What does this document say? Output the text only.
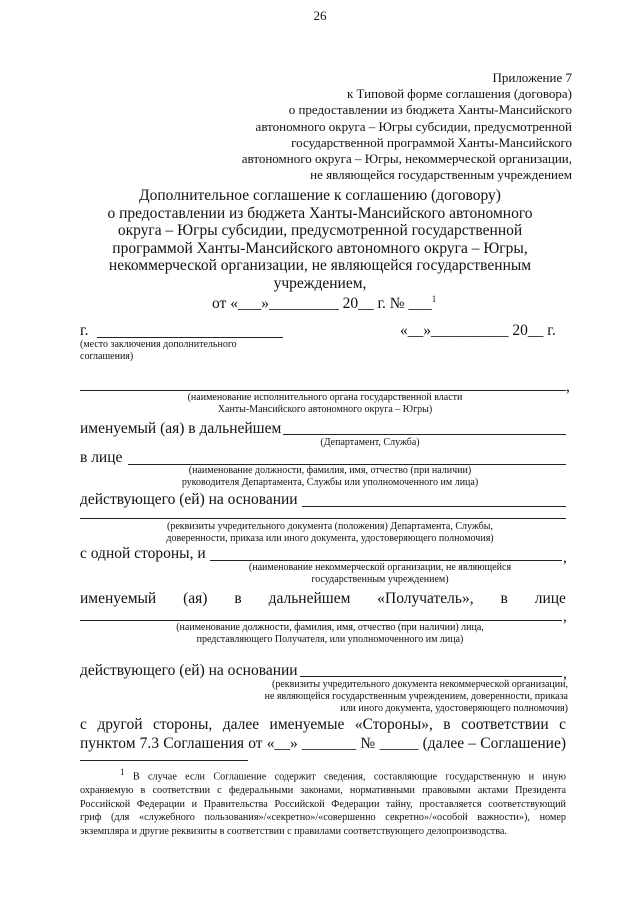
26
Приложение 7
к Типовой форме соглашения (договора)
о предоставлении из бюджета Ханты-Мансийского
автономного округа – Югры субсидии, предусмотренной
государственной программой Ханты-Мансийского
автономного округа – Югры, некоммерческой организации,
не являющейся государственным учреждением
Дополнительное соглашение к соглашению (договору)
о предоставлении из бюджета Ханты-Мансийского автономного
округа – Югры субсидии, предусмотренной государственной
программой Ханты-Мансийского автономного округа – Югры,
некоммерческой организации, не являющейся государственным
учреждением,
от «___»_________ 20__ г. № ___$^1$
г.
(место заключения дополнительного соглашения)
«__»__________ 20__ г.
,
(наименование исполнительного органа государственной власти
Ханты-Мансийского автономного округа – Югры)
именуемый (ая) в дальнейшем
(Департамент, Служба)
в лице
(наименование должности, фамилия, имя, отчество (при наличии)
руководителя Департамента, Службы или уполномоченного им лица)
действующего (ей) на основании
(реквизиты учредительного документа (положения) Департамента, Службы,
доверенности, приказа или иного документа, удостоверяющего полномочия)
с одной стороны, и	,
(наименование некоммерческой организации, не являющейся
государственным учреждением)
именуемый (ая) в дальнейшем «Получатель», в лице
,
(наименование должности, фамилия, имя, отчество (при наличии) лица,
представляющего Получателя, или уполномоченного им лица)
действующего (ей) на основании	,
(реквизиты учредительного документа некоммерческой организации,
не являющейся государственным учреждением, доверенности, приказа
или иного документа, удостоверяющего полномочия)
с другой стороны, далее именуемые «Стороны», в соответствии с
пунктом 7.3 Соглашения от «__» _______ № _____ (далее – Соглашение)
$^1$ В случае если Соглашение содержит сведения, составляющие государственную и иную
охраняемую в соответствии с федеральными законами, нормативными правовыми актами Президента
Российской Федерации и Правительства Российской Федерации тайну, проставляется соответствующий
гриф (для «служебного пользования»/«секретно»/«совершенно секретно»/«особой важности»), номер
экземпляра и другие реквизиты в соответствии с правилами соответствующего делопроизводства.
